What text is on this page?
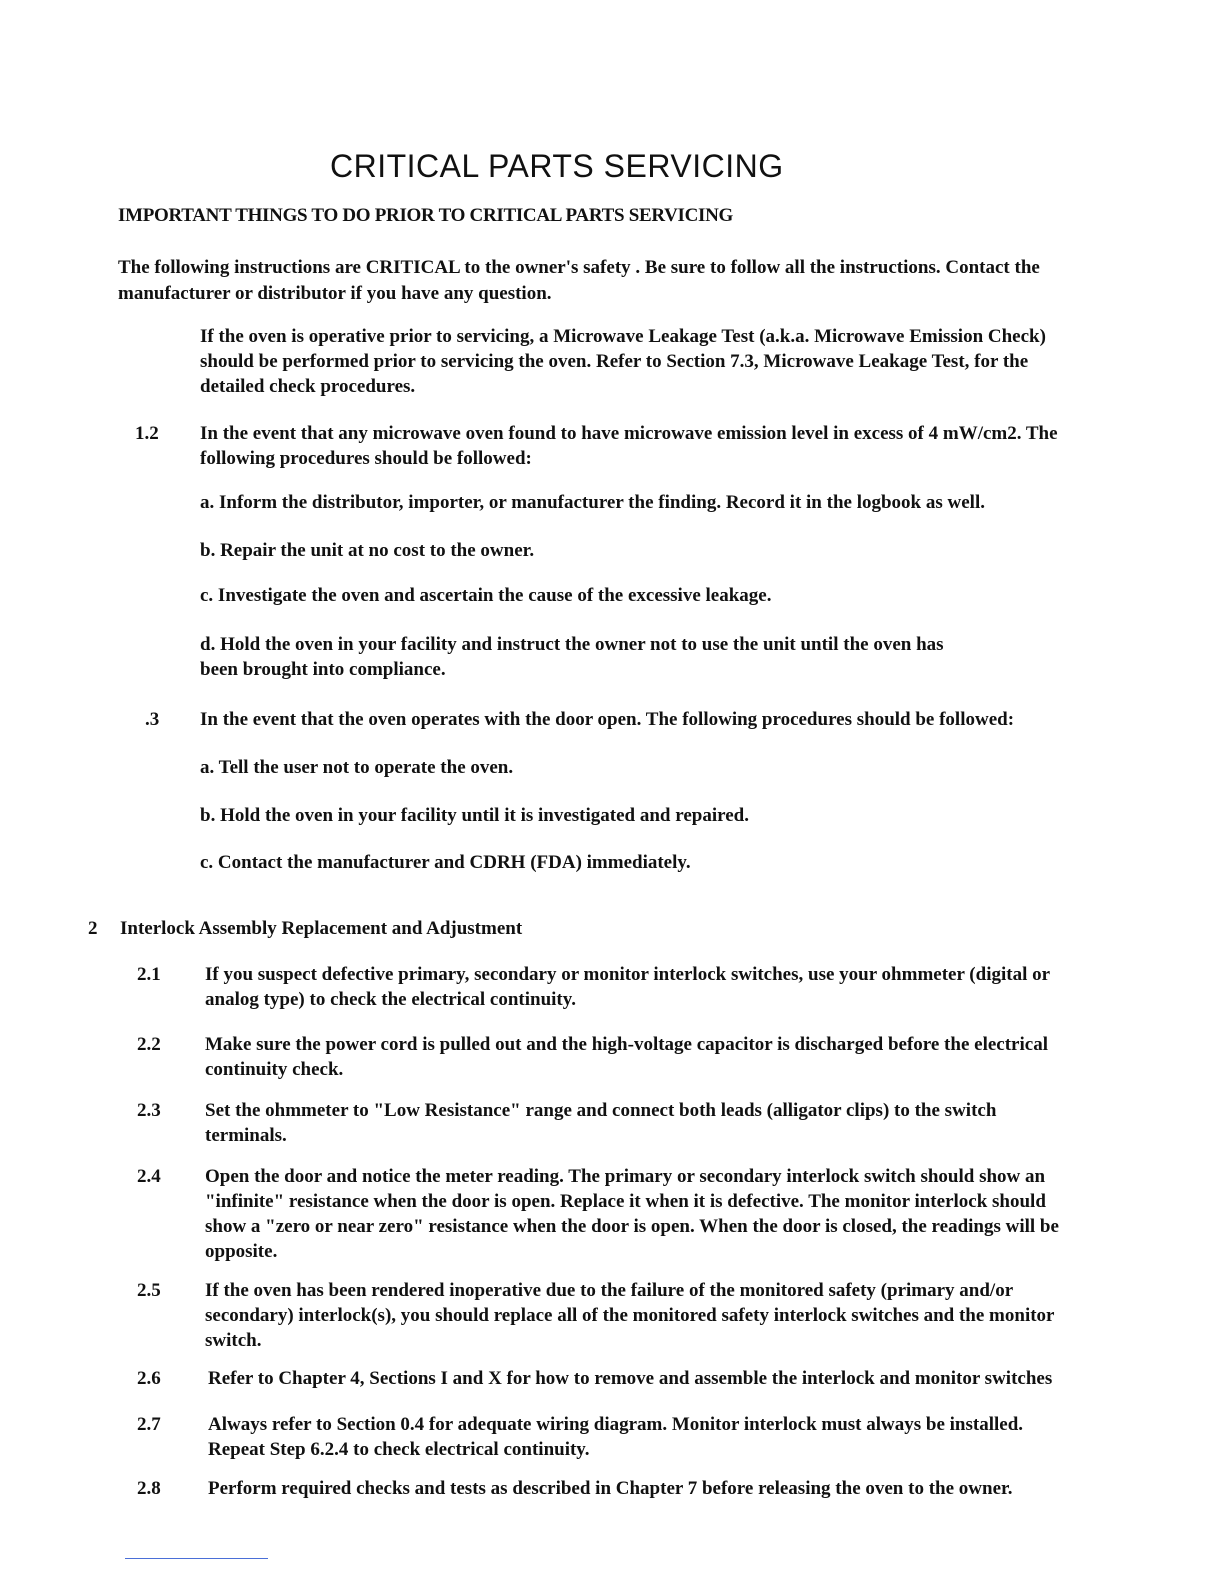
CRITICAL PARTS SERVICING
IMPORTANT THINGS TO DO PRIOR TO CRITICAL PARTS SERVICING
The following instructions are CRITICAL to the owner's safety . Be sure to follow all the instructions. Contact the manufacturer or distributor if you have any question.
If the oven is operative prior to servicing, a Microwave Leakage Test (a.k.a. Microwave Emission Check) should be performed prior to servicing the oven. Refer to Section 7.3, Microwave Leakage Test, for the detailed check procedures.
1.2 In the event that any microwave oven found to have microwave emission level in excess of 4 mW/cm2. The following procedures should be followed:
a. Inform the distributor, importer, or manufacturer the finding. Record it in the logbook as well.
b. Repair the unit at no cost to the owner.
c. Investigate the oven and ascertain the cause of the excessive leakage.
d. Hold the oven in your facility and instruct the owner not to use the unit until the oven has been brought into compliance.
.3 In the event that the oven operates with the door open. The following procedures should be followed:
a. Tell the user not to operate the oven.
b. Hold the oven in your facility until it is investigated and repaired.
c. Contact the manufacturer and CDRH (FDA) immediately.
2 Interlock Assembly Replacement and Adjustment
2.1 If you suspect defective primary, secondary or monitor interlock switches, use your ohmmeter (digital or analog type) to check the electrical continuity.
2.2 Make sure the power cord is pulled out and the high-voltage capacitor is discharged before the electrical continuity check.
2.3 Set the ohmmeter to "Low Resistance" range and connect both leads (alligator clips) to the switch terminals.
2.4 Open the door and notice the meter reading. The primary or secondary interlock switch should show an "infinite" resistance when the door is open. Replace it when it is defective. The monitor interlock should show a "zero or near zero" resistance when the door is open. When the door is closed, the readings will be opposite.
2.5 If the oven has been rendered inoperative due to the failure of the monitored safety (primary and/or secondary) interlock(s), you should replace all of the monitored safety interlock switches and the monitor switch.
2.6 Refer to Chapter 4, Sections I and X for how to remove and assemble the interlock and monitor switches
2.7 Always refer to Section 0.4 for adequate wiring diagram. Monitor interlock must always be installed. Repeat Step 6.2.4 to check electrical continuity.
2.8 Perform required checks and tests as described in Chapter 7 before releasing the oven to the owner.
